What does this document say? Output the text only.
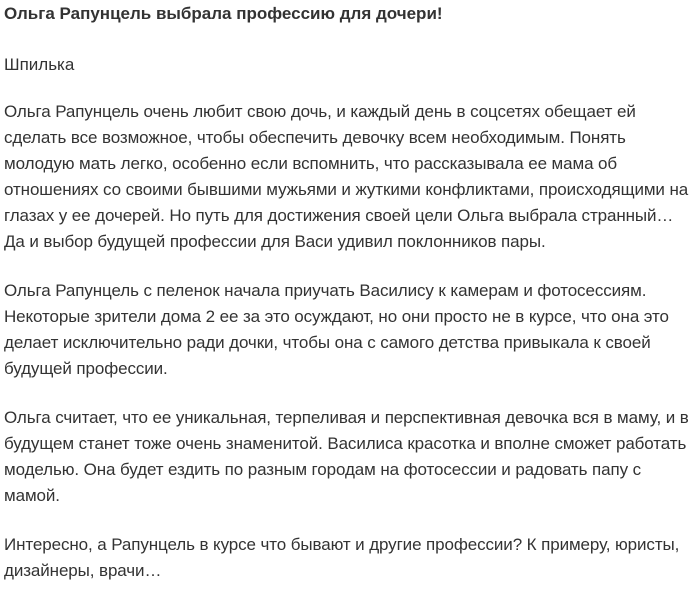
Ольга Рапунцель выбрала профессию для дочери!
Шпилька

Ольга Рапунцель очень любит свою дочь, и каждый день в соцсетях обещает ей сделать все возможное, чтобы обеспечить девочку всем необходимым. Понять молодую мать легко, особенно если вспомнить, что рассказывала ее мама об отношениях со своими бывшими мужьями и жуткими конфликтами, происходящими на глазах у ее дочерей. Но путь для достижения своей цели Ольга выбрала странный… Да и выбор будущей профессии для Васи удивил поклонников пары.

Ольга Рапунцель с пеленок начала приучать Василису к камерам и фотосессиям. Некоторые зрители дома 2 ее за это осуждают, но они просто не в курсе, что она это делает исключительно ради дочки, чтобы она с самого детства привыкала к своей будущей профессии.

Ольга считает, что ее уникальная, терпеливая и перспективная девочка вся в маму, и в будущем станет тоже очень знаменитой. Василиса красотка и вполне сможет работать моделью. Она будет ездить по разным городам на фотосессии и радовать папу с мамой.

Интересно, а Рапунцель в курсе что бывают и другие профессии? К примеру, юристы, дизайнеры, врачи…
